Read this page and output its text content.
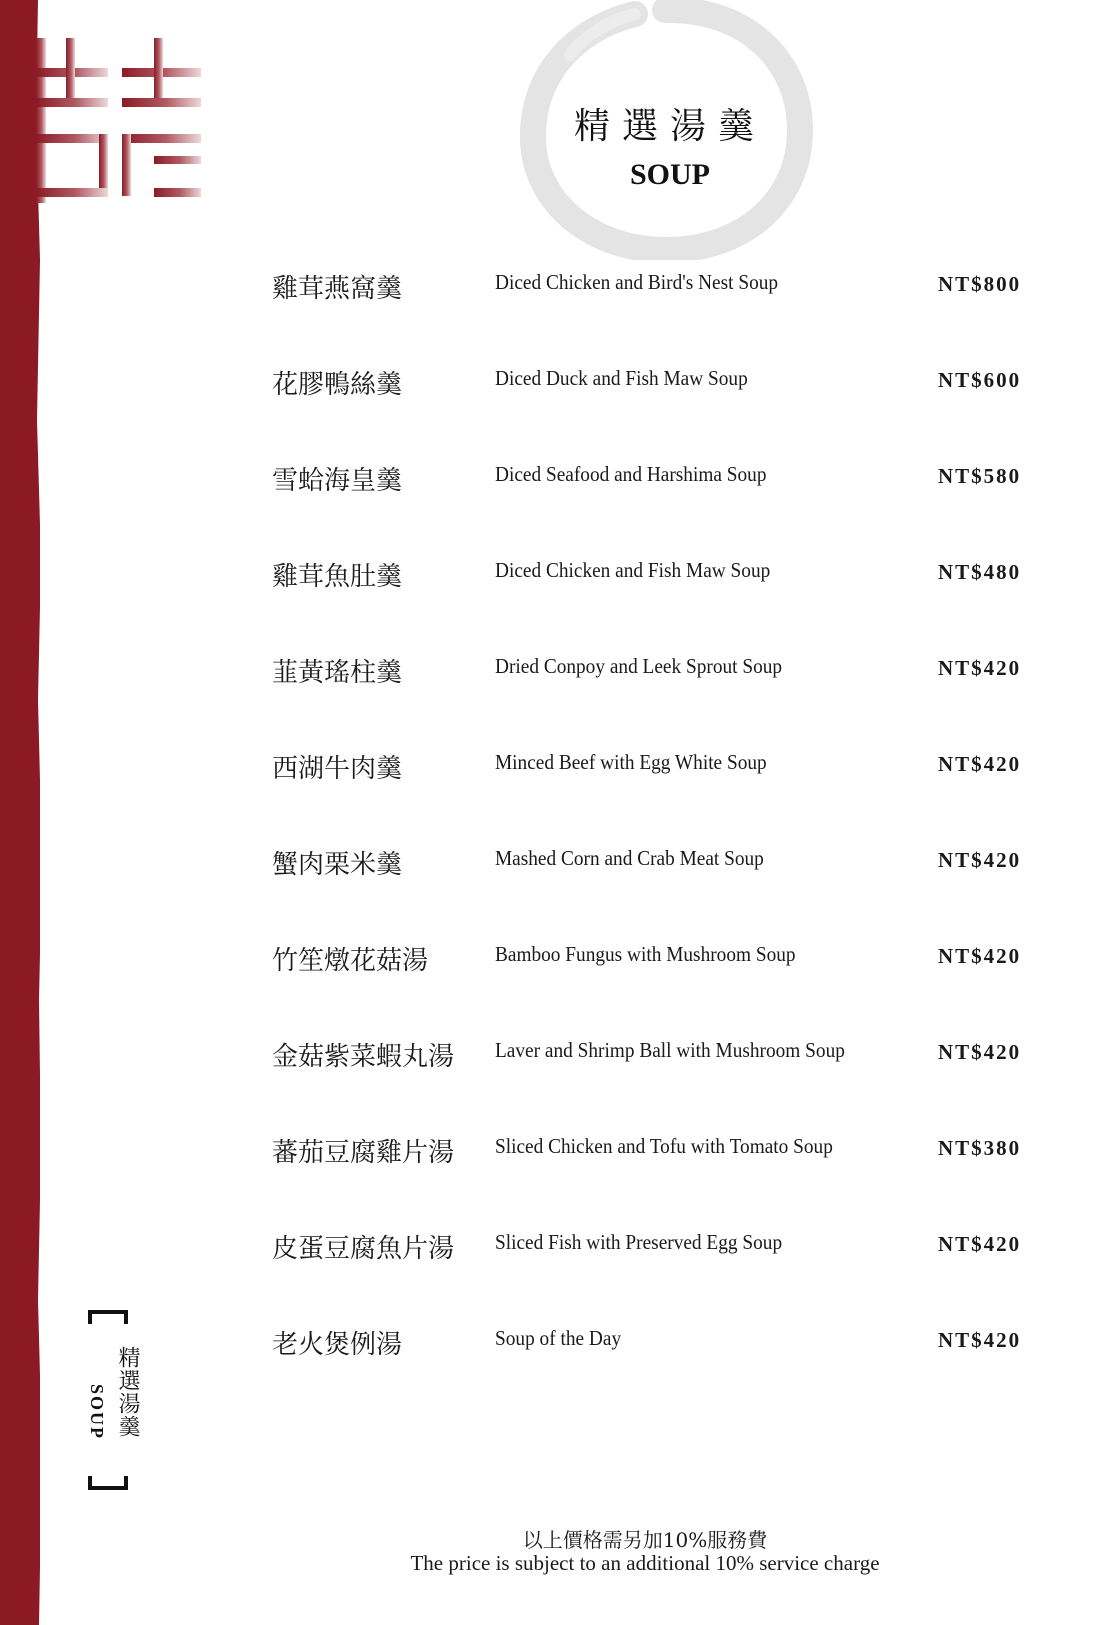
精選湯羹
SOUP
雞茸燕窩羹	Diced Chicken and Bird's Nest Soup	NT$800
花膠鴨絲羹	Diced Duck and Fish Maw Soup	NT$600
雪蛤海皇羹	Diced Seafood and Harshima Soup	NT$580
雞茸魚肚羹	Diced Chicken and Fish Maw Soup	NT$480
韮黃瑤柱羹	Dried Conpoy and Leek Sprout Soup	NT$420
西湖牛肉羹	Minced Beef with Egg White Soup	NT$420
蟹肉栗米羹	Mashed Corn and Crab Meat Soup	NT$420
竹笙燉花菇湯	Bamboo Fungus with Mushroom Soup	NT$420
金菇紫菜蝦丸湯 Laver and Shrimp Ball with Mushroom Soup	NT$420
蕃茄豆腐雞片湯 Sliced Chicken and Tofu with Tomato Soup	NT$380
皮蛋豆腐魚片湯 Sliced Fish with Preserved Egg Soup	NT$420
老火煲例湯	Soup of the Day	NT$420
精選湯羹
SOUP
以上價格需另加10%服務費
The price is subject to an additional 10% service charge
